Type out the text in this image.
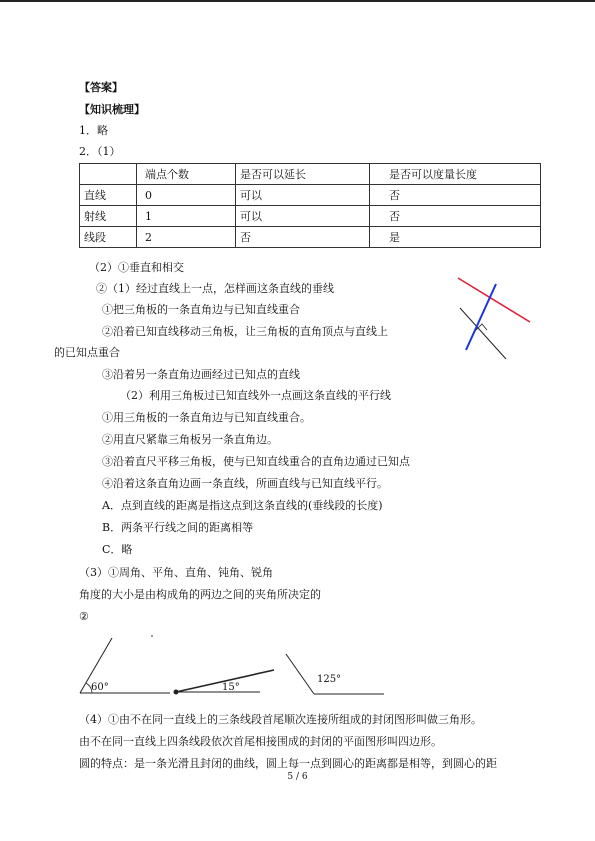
【答案】
【知识梳理】
1．略
2．（1）
	端点个数	是否可以延长	是否可以度量长度
直线	0	可以	否
射线	1	可以	否
线段	2	否	是
（2）①垂直和相交
②（1）经过直线上一点，怎样画这条直线的垂线
①把三角板的一条直角边与已知直线重合
②沿着已知直线移动三角板，让三角板的直角顶点与直线上
的已知点重合
③沿着另一条直角边画经过已知点的直线
（2）利用三角板过已知直线外一点画这条直线的平行线
①用三角板的一条直角边与已知直线重合。
②用直尺紧靠三角板另一条直角边。
③沿着直尺平移三角板，使与已知直线重合的直角边通过已知点
④沿着这条直角边画一条直线，所画直线与已知直线平行。
A．点到直线的距离是指这点到这条直线的(垂线段的长度)
B．两条平行线之间的距离相等
C．略
（3）①周角、平角、直角、钝角、锐角
角度的大小是由构成角的两边之间的夹角所决定的
②
60°	15°
125°
（4）①由不在同一直线上的三条线段首尾顺次连接所组成的封闭图形叫做三角形。
由不在同一直线上四条线段依次首尾相接围成的封闭的平面图形叫四边形。
圆的特点：是一条光滑且封闭的曲线，圆上每一点到圆心的距离都是相等，到圆心的距
5 / 6
